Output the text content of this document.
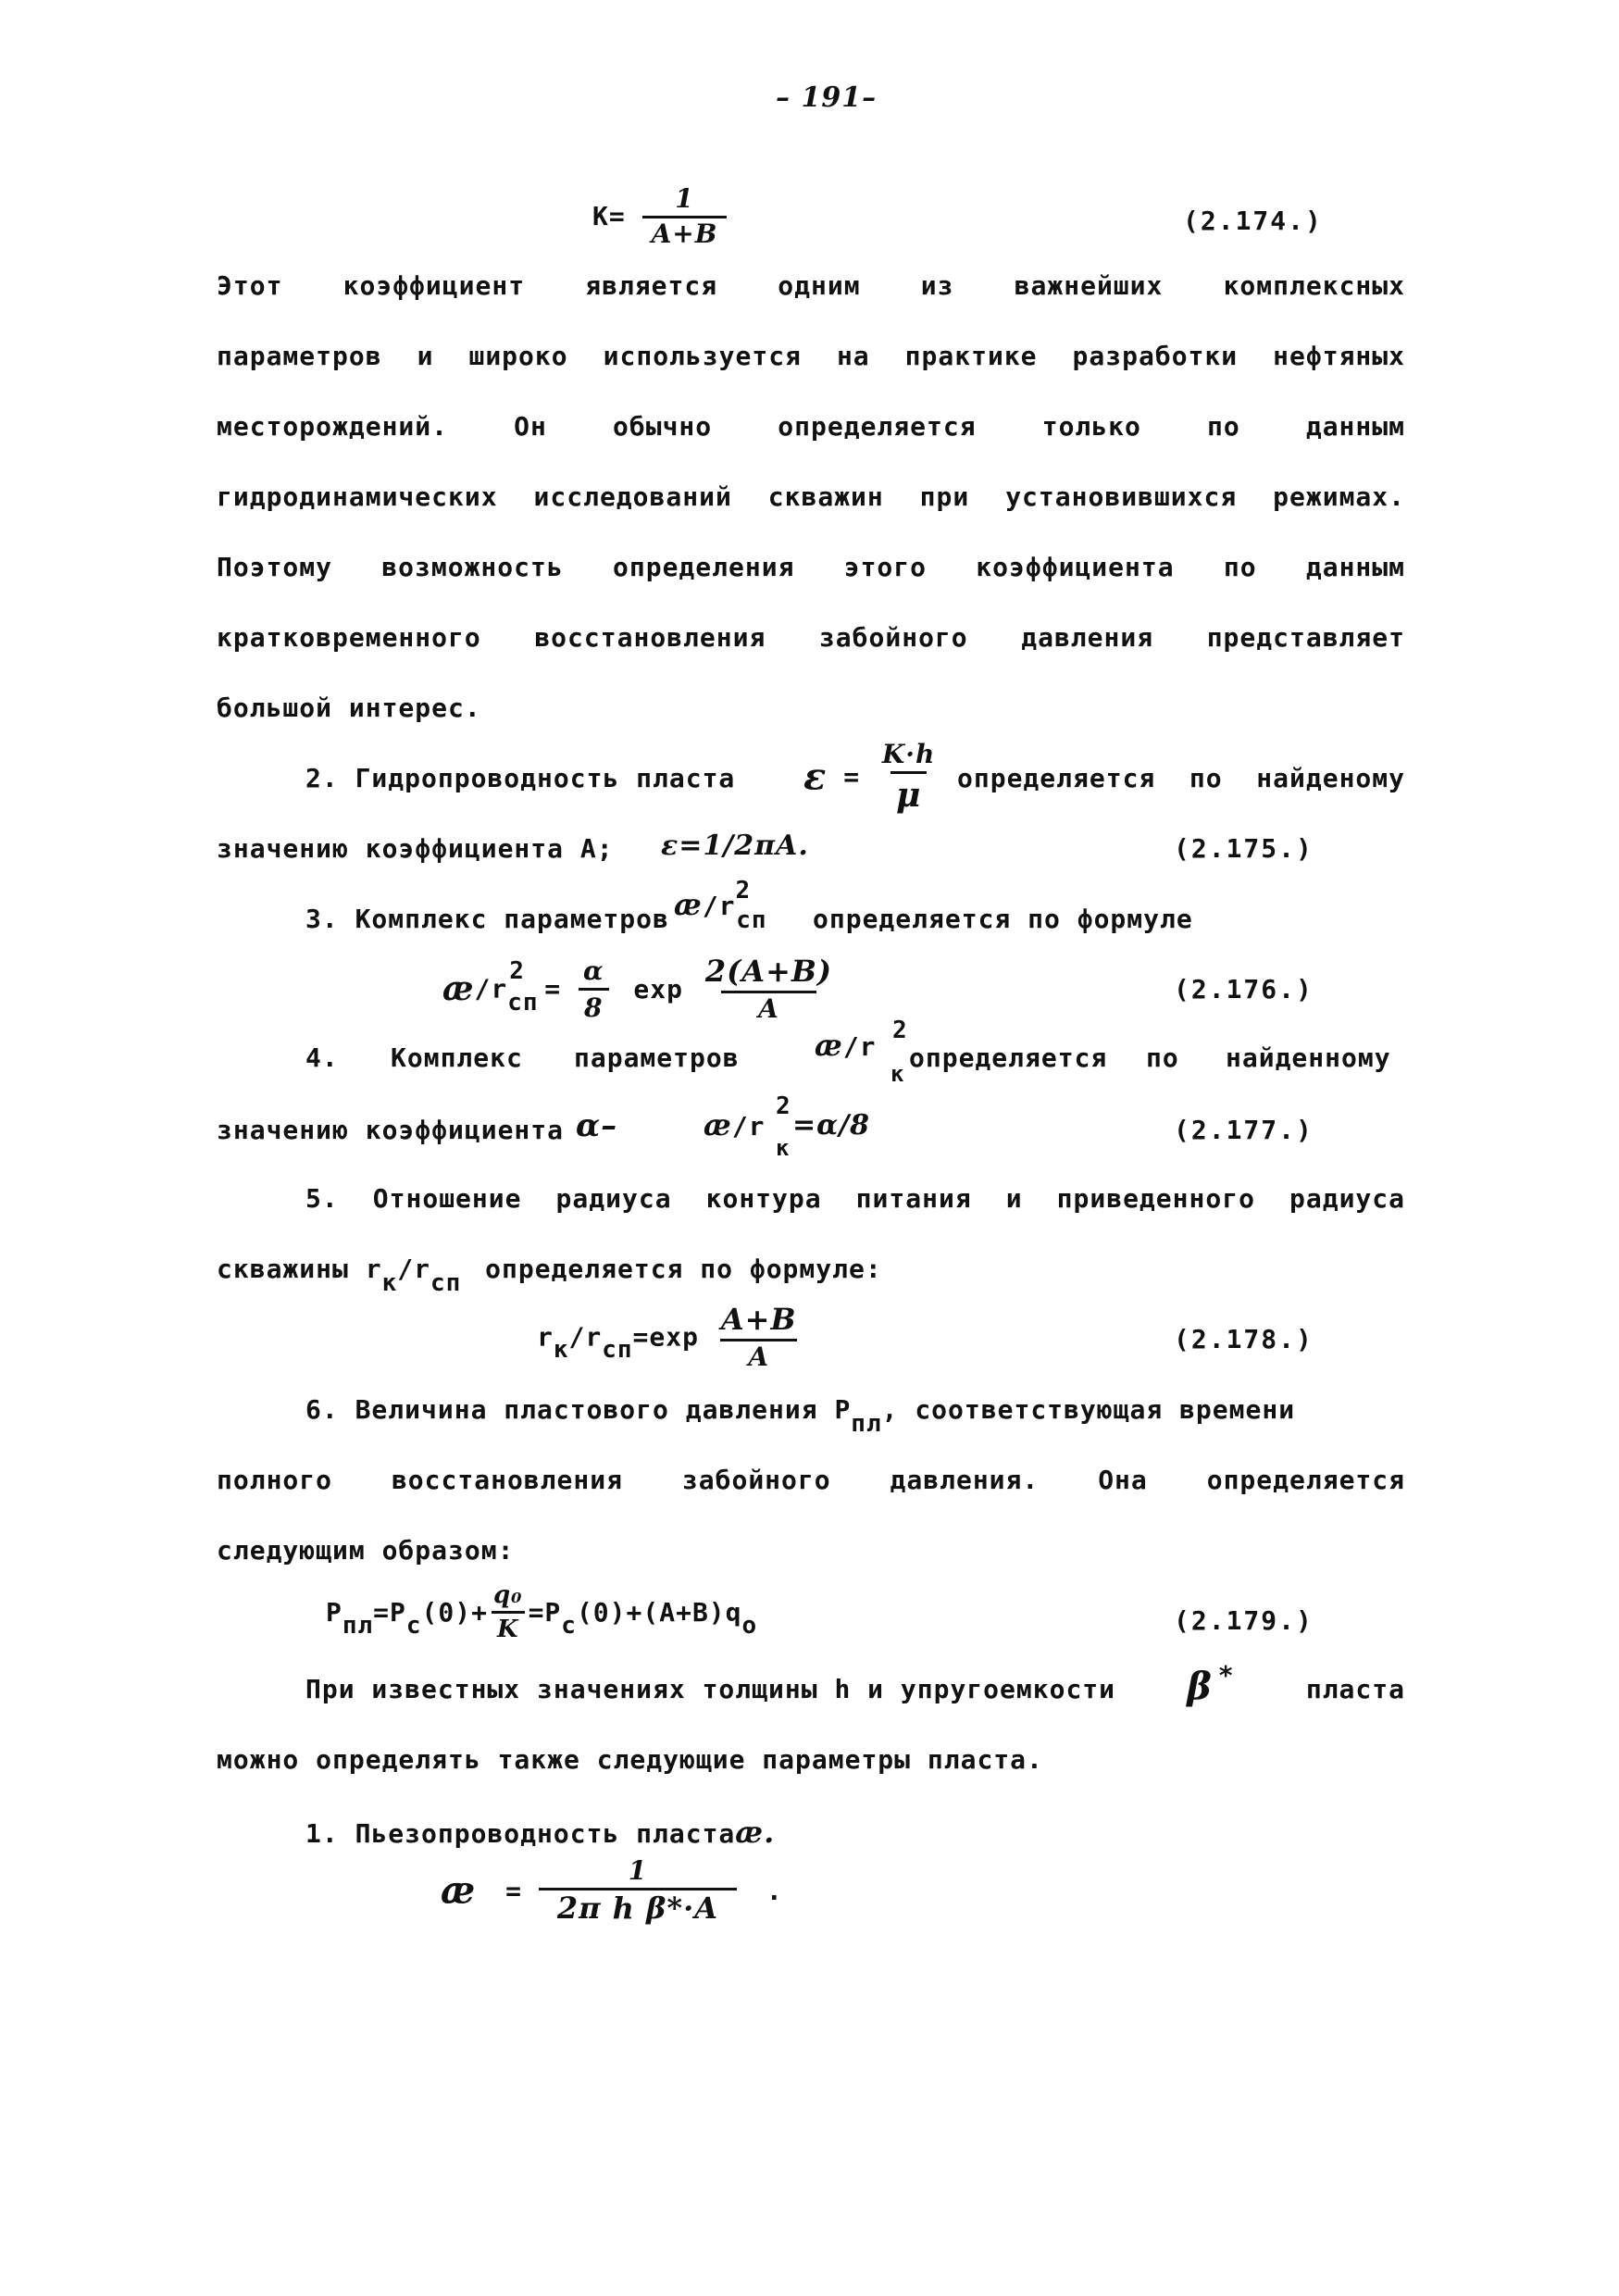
– 191–
$K= \frac{1}{A+B}$	(2.174.)
Этот коэффициент является одним из важнейших комплексных
параметров и широко используется на практике разработки нефтяных
месторождений. Он обычно определяется только по данным
гидродинамических исследований скважин при установившихся режимах.
Поэтому возможность определения этого коэффициента по данным
кратковременного восстановления забойного давления представляет
большой интерес.
2. Гидропроводность пласта $\varepsilon = \frac{K\cdot h}{\mu}$ определяется по найденому
значению коэффициента A; ε=1/2πA.	(2.175.)
3. Комплекс параметров æ/r2сп определяется по формуле
æ/r
2
сп = $\frac{\alpha}{8}$ $\exp \frac{2(A+B)}{A}$	(2.176.)
4. Комплекс параметров	æ/r
2
к
определяется по найденному
значению коэффициента α–	æ/r
2
к
=α/8	(2.177.)
5. Отношение радиуса контура питания и приведенного радиуса
скважины rк/rсп определяется по формуле:
$rк/rсп=\exp \frac{A+B}{A}$	(2.178.)
6. Величина пластового давления Pпл, соответствующая времени
полного восстановления забойного давления. Она определяется
следующим образом:
$Pпл=Pc(0)+ \frac{\text{q₀}}{K} =Pc(0)+(A+B)qo$	(2.179.)
При известных значениях толщины h и упругоемкости β *	пласта
можно определять также следующие параметры пласта.
1. Пьезопроводность пластаæ.
æ = $\frac{1}{\text{2π h β*·A}}$ .
